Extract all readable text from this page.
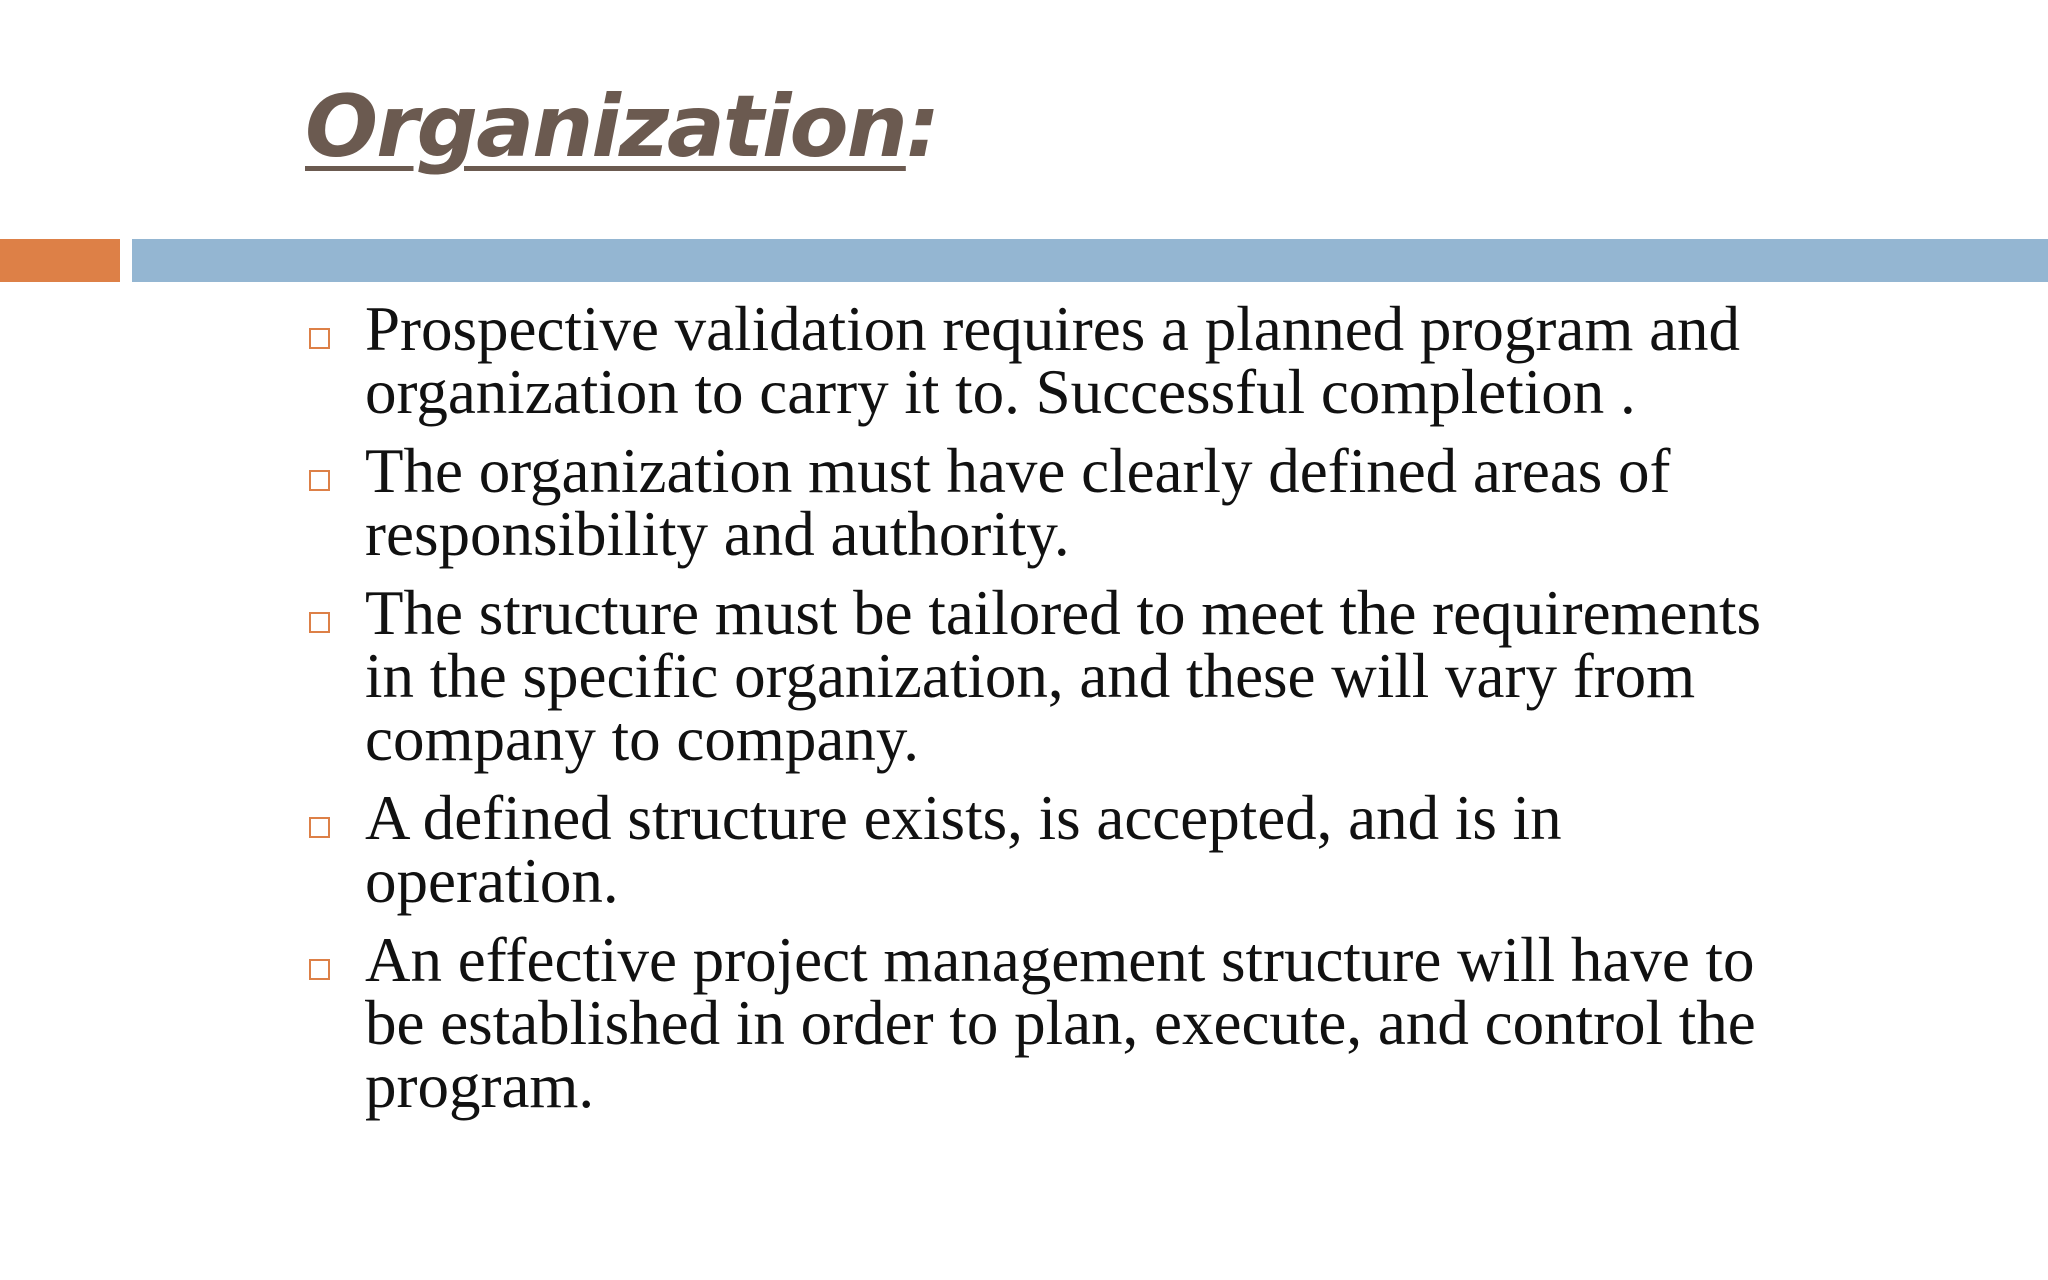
Organization:
Prospective validation requires a planned program and organization to carry it to. Successful completion .
The organization must have clearly defined areas of responsibility and authority.
The structure must be tailored to meet the requirements in the specific organization, and these will vary from company to company.
A defined structure exists, is accepted, and is in operation.
An effective project management structure will have to be established in order to plan, execute, and control the program.
